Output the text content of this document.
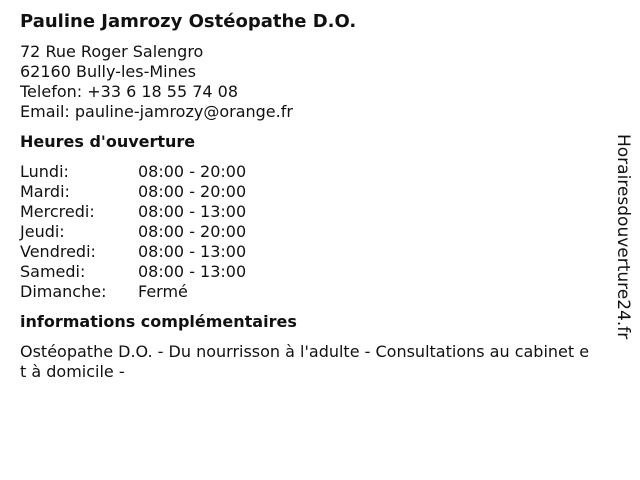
Pauline Jamrozy Ostéopathe D.O.
72 Rue Roger Salengro
62160 Bully-les-Mines
Telefon: +33 6 18 55 74 08
Email: pauline-jamrozy@orange.fr
Heures d'ouverture
Lundi:	08:00 - 20:00
Mardi:	08:00 - 20:00
Mercredi:	08:00 - 13:00
Jeudi:	08:00 - 20:00
Vendredi:	08:00 - 13:00
Samedi:	08:00 - 13:00
Dimanche:	Fermé
informations complémentaires
Ostéopathe D.O. - Du nourrisson à l'adulte - Consultations au cabinet et à domicile -
Horairesdouverture24.fr
